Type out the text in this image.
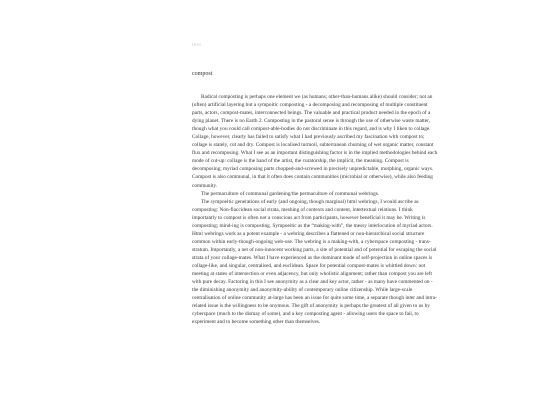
text
compost

Radical composting is perhaps one element we (as humans; other-than-humans alike) should consider; not an (often) artificial layering but a sympoitic composting - a decomposing and recomposing of multiple constituent parts, actors, compost-mates, interconnected beings. The valuable and practical product needed in the epoch of a dying planet. There is no Earth 2. Composting in the pastoral sense is through the use of otherwise waste matter, though what you could call compost-able-bodies do not discriminate in this regard, and is why I liken to collage. Collage, however, clearly has failed to satisfy what I had previously ascribed my fascination with compost to; collage is stately, cut and dry. Compost is localised turmoil, subterranean churning of wet organic matter, constant flux and recomposing. What I see as an important distinguishing factor is in the implied methodologies behind each mode of cut-up: collage is the hand of the artist, the curatorship, the implicit, the meaning. Compost is decomposing; myriad composing parts chopped-and-screwed in precisely unpredictable, morphing, organic ways. Compost is also communal, in that it often does contain communities (microbial or otherwise), while also feeding community.

The permaculture of communal gardening/the permaculture of communal webrings.

The sympoeitic generations of early (and ongoing, though marginal) html webrings, I would ascribe as composting: Non-flaccidean social strata, meshing of contexts and content, intertextual relations. I think importantly to compost is often not a conscious act from participants, however beneficial it may be. Writing is composting; mind-ing is composting. Sympoeitic as the “making-with”, the messy interlocution of myriad actors. Html webrings work as a potent example - a webring describes a flattened or non-hierarchical social structure common within early-though-ongoing web-use. The webring is a making-with, a cyberspace composting - trans-stratum. Importantly, a net of non-innocent working parts, a site of potential and of potential for escaping the social strata of your collage-mates. What I have experienced as the dominant mode of self-projection in online spaces is collage-like, and singular, centralised, and euclidean. Space for potential compost-mates is whittled down: not meeting at states of intersection or even adjacency, but only wholistic alignment; rather than compost you are left with pure decay. Factoring in this I see anonymity as a clear and key actor, rather - as many have commented on - the diminishing anonymity and anonymity-ability of contemporary online citizenship. While large-scale centralisation of online community at-large has been an issue for quite some time, a separate though inter and intra-related issue is the willingness to be onymous. The gift of anonymity is perhaps the greatest of all given to us by cyberspace (much to the dismay of some), and a key composting agent - allowing users the space to fail, to experiment and to become something other than themselves.
